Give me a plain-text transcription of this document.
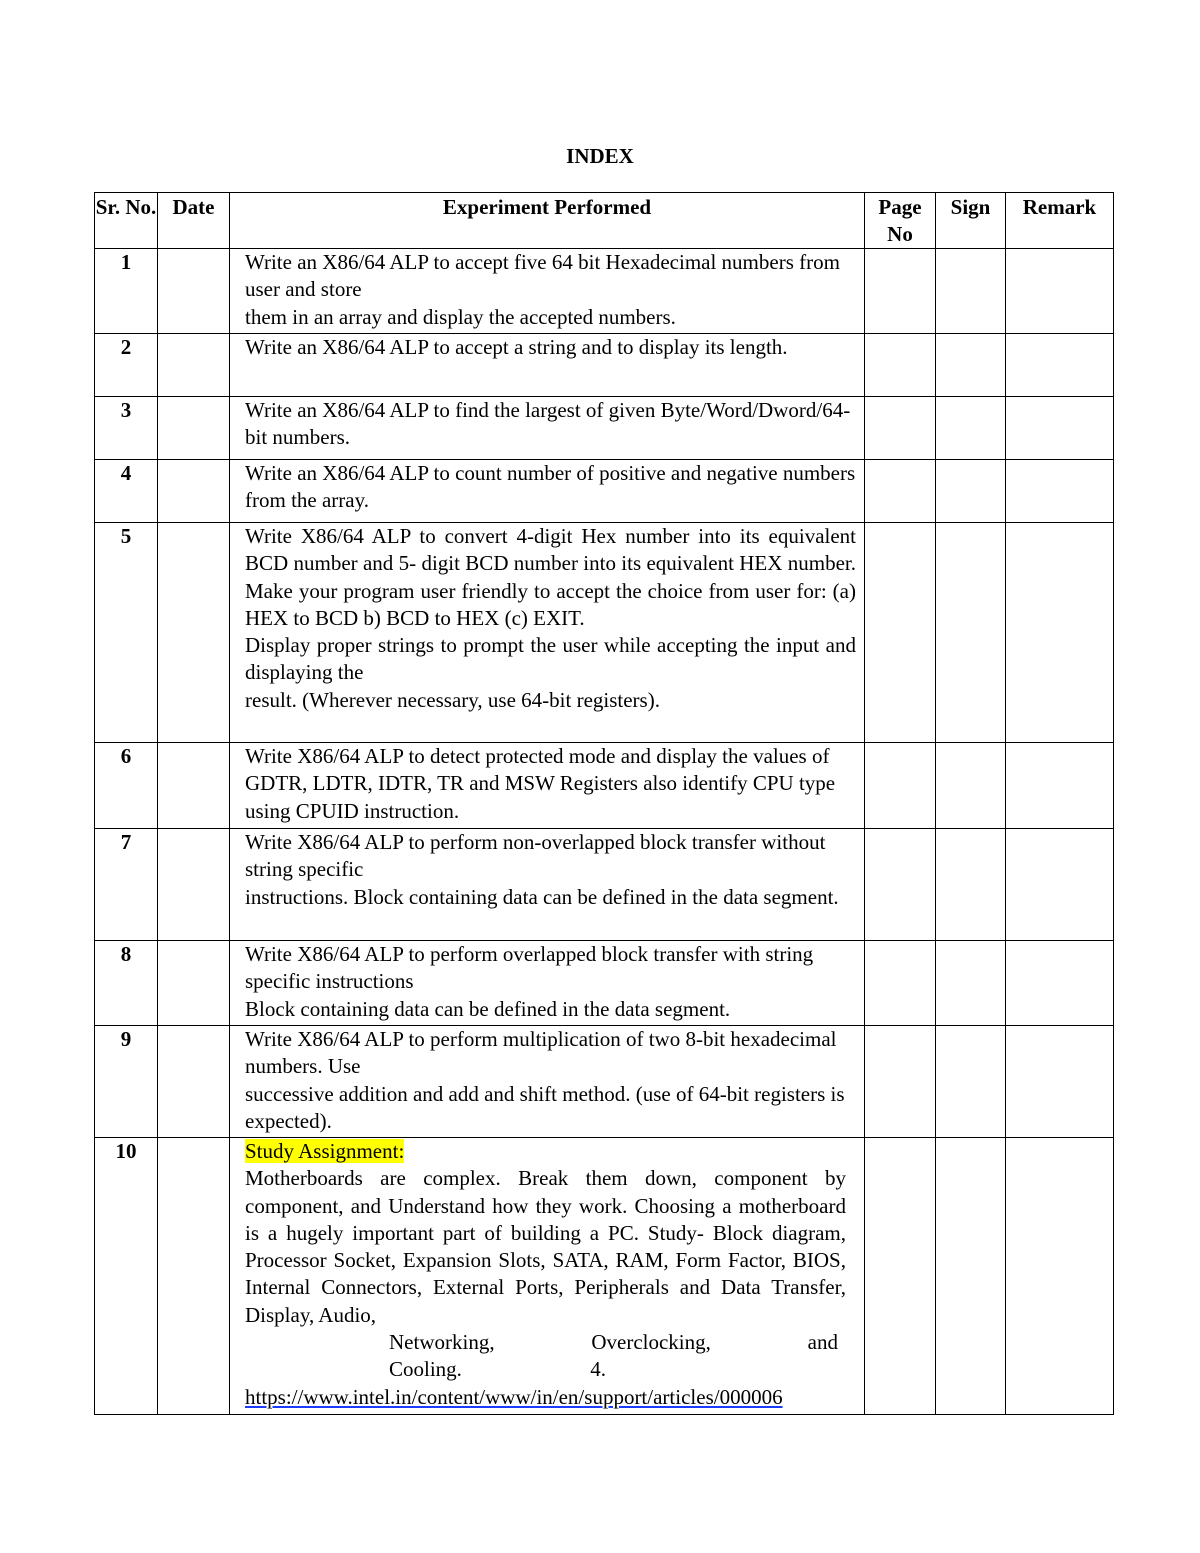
INDEX
Sr. No.	Date	Experiment Performed	Page No	Sign	Remark
1		Write an X86/64 ALP to accept five 64 bit Hexadecimal numbers from user and store
them in an array and display the accepted numbers.			

2		Write an X86/64 ALP to accept a string and to display its length.			

3		Write an X86/64 ALP to find the largest of given Byte/Word/Dword/64-bit numbers.			

4		Write an X86/64 ALP to count number of positive and negative numbers from the array.			

5		Write X86/64 ALP to convert 4-digit Hex number into its equivalent BCD number and 5- digit BCD number into its equivalent HEX number. Make your program user friendly to accept the choice from user for: (a) HEX to BCD b) BCD to HEX (c) EXIT.
Display proper strings to prompt the user while accepting the input and displaying the
result. (Wherever necessary, use 64-bit registers).			

6		Write X86/64 ALP to detect protected mode and display the values of GDTR, LDTR, IDTR, TR and MSW Registers also identify CPU type using CPUID instruction.			

7		Write X86/64 ALP to perform non-overlapped block transfer without string specific
instructions. Block containing data can be defined in the data segment.			

8		Write X86/64 ALP to perform overlapped block transfer with string specific instructions
Block containing data can be defined in the data segment.			

9		Write X86/64 ALP to perform multiplication of two 8-bit hexadecimal numbers. Use
successive addition and add and shift method. (use of 64-bit registers is expected).			

10		Study Assignment:
Motherboards are complex. Break them down, component by component, and Understand how they work. Choosing a motherboard is a hugely important part of building a PC. Study- Block diagram, Processor Socket, Expansion Slots, SATA, RAM, Form Factor, BIOS, Internal Connectors, External Ports, Peripherals and Data Transfer, Display, Audio,
Networking, Overclocking, and
Cooling. 4.
https://www.intel.in/content/www/in/en/support/articles/000006			
